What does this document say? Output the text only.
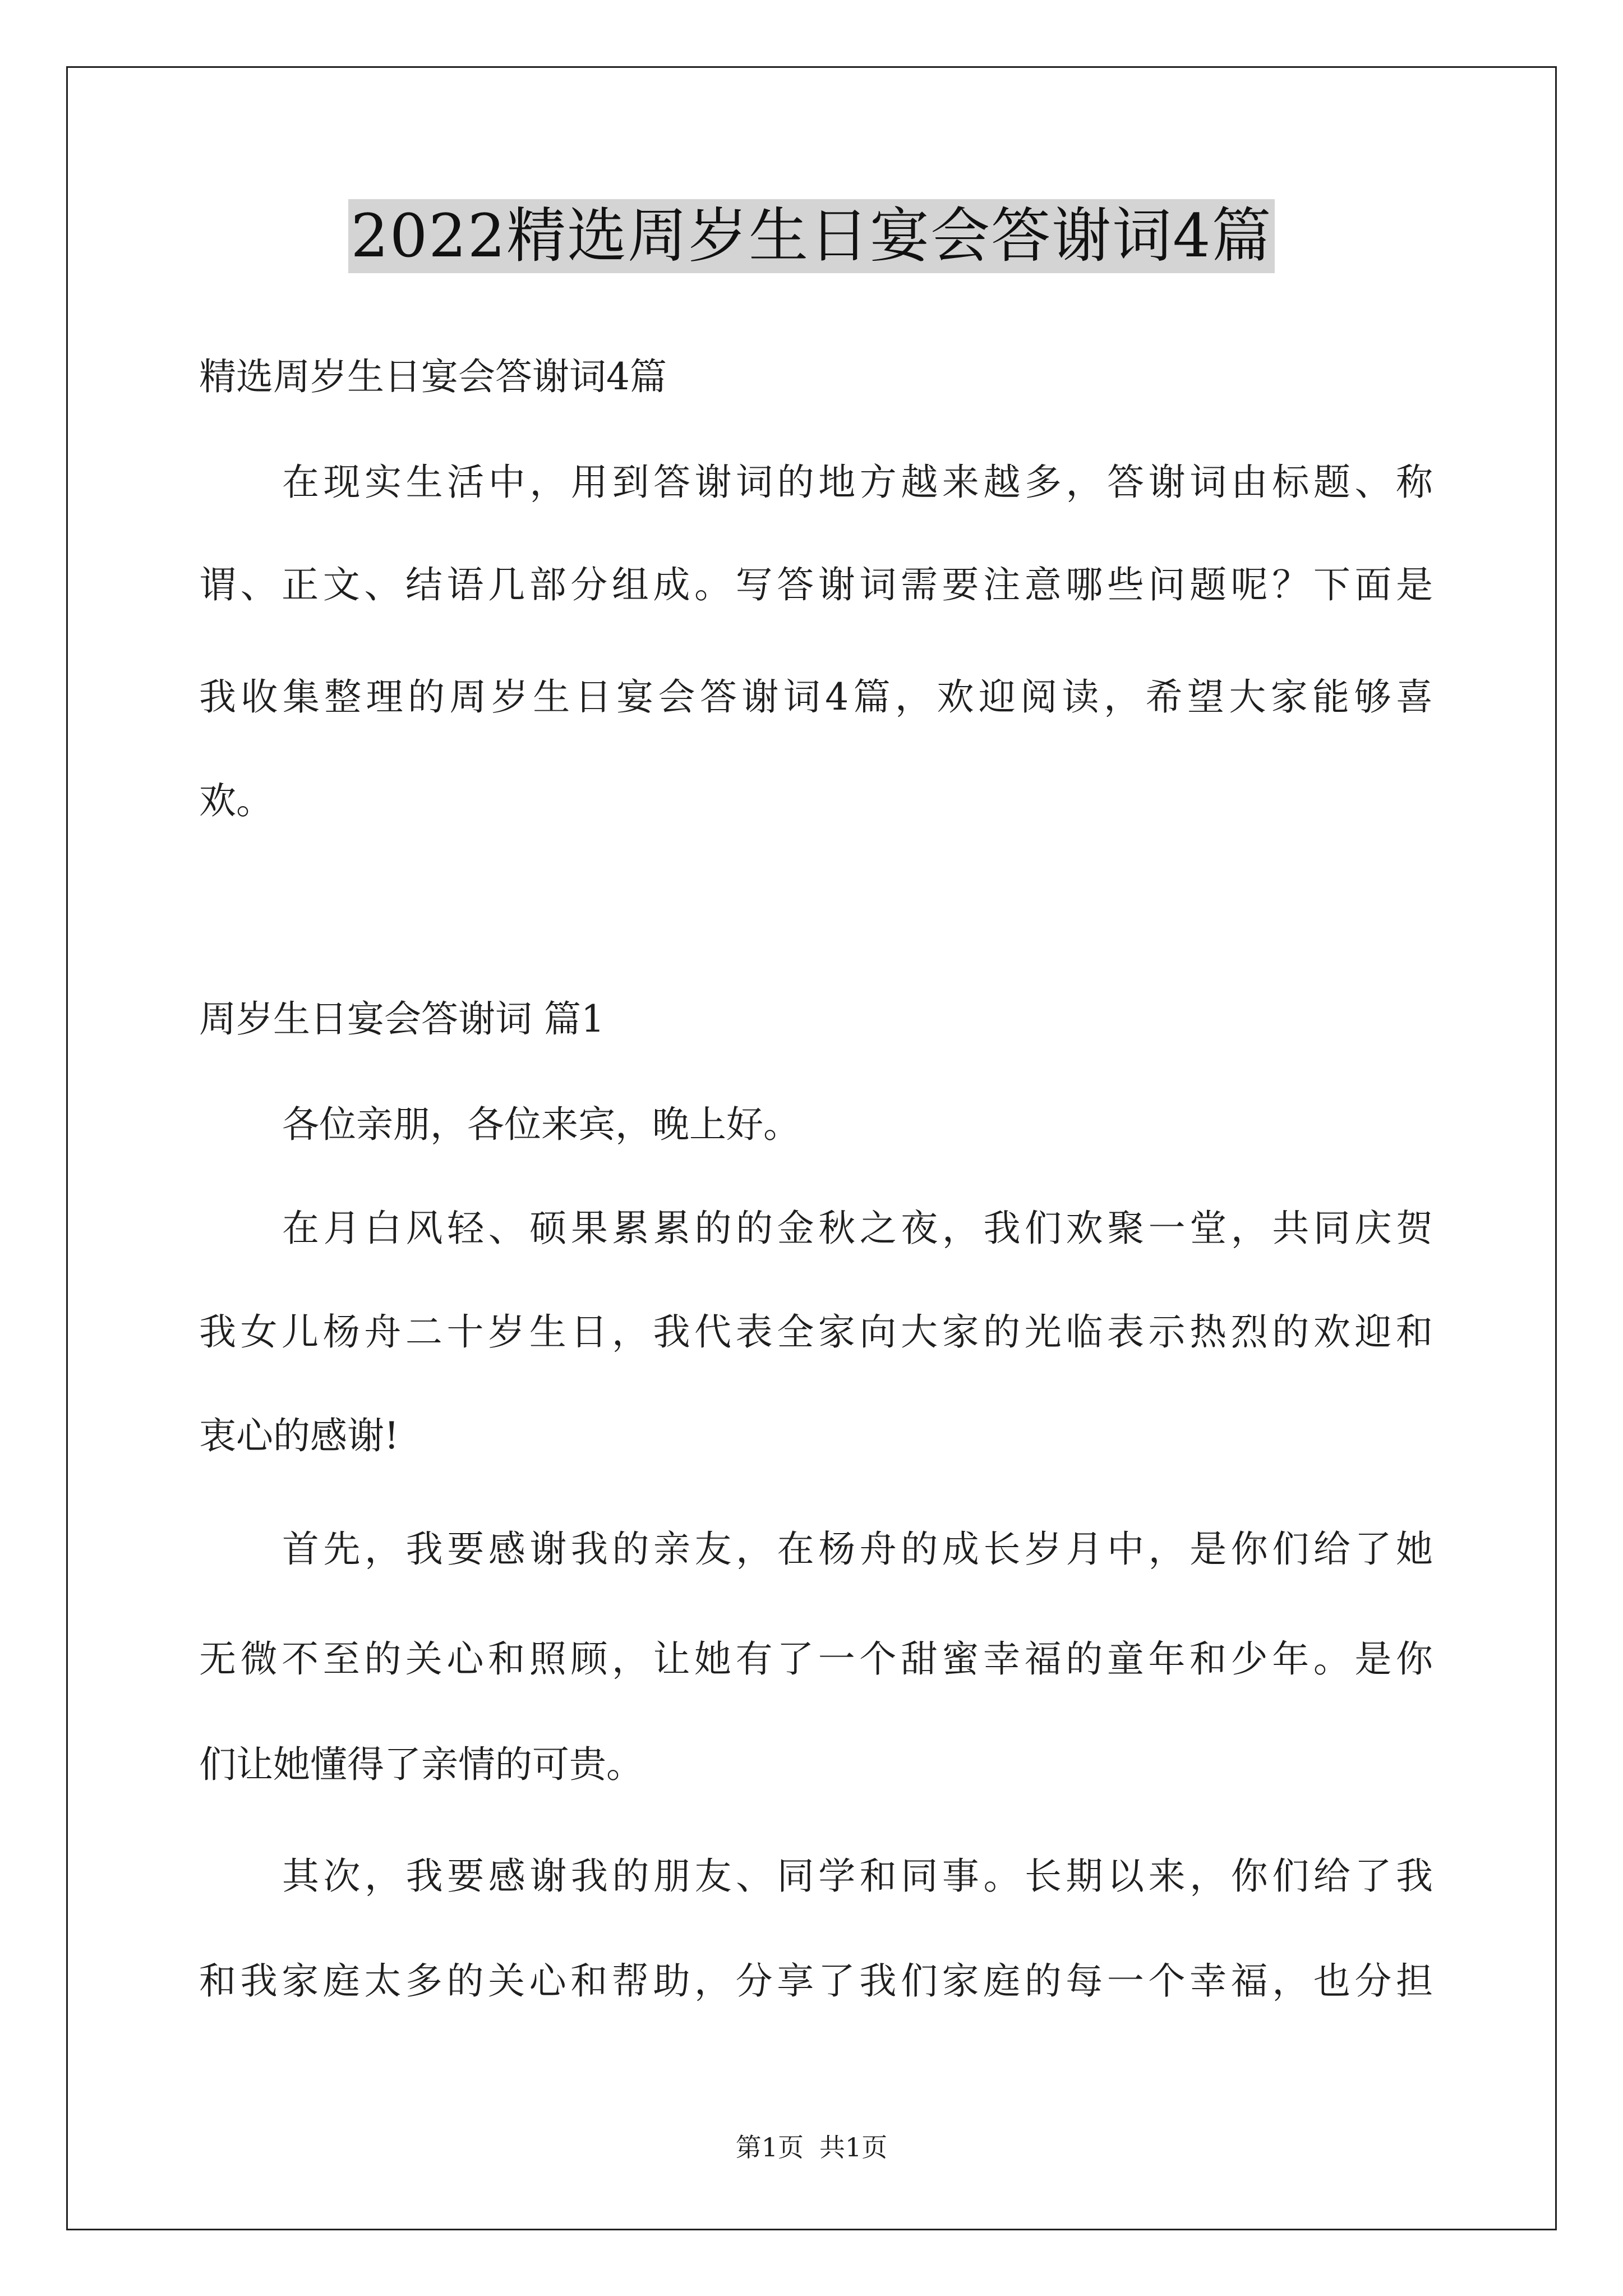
2022精选周岁生日宴会答谢词4篇
精选周岁生日宴会答谢词4篇
在现实生活中，用到答谢词的地方越来越多，答谢词由标题、称
谓、正文、结语几部分组成。写答谢词需要注意哪些问题呢？下面是
我收集整理的周岁生日宴会答谢词4篇，欢迎阅读，希望大家能够喜
欢。
周岁生日宴会答谢词 篇1
各位亲朋，各位来宾，晚上好。
在月白风轻、硕果累累的的金秋之夜，我们欢聚一堂，共同庆贺
我女儿杨舟二十岁生日，我代表全家向大家的光临表示热烈的欢迎和
衷心的感谢!
首先，我要感谢我的亲友，在杨舟的成长岁月中，是你们给了她
无微不至的关心和照顾，让她有了一个甜蜜幸福的童年和少年。是你
们让她懂得了亲情的可贵。
其次，我要感谢我的朋友、同学和同事。长期以来，你们给了我
和我家庭太多的关心和帮助，分享了我们家庭的每一个幸福，也分担
第1页 共1页
